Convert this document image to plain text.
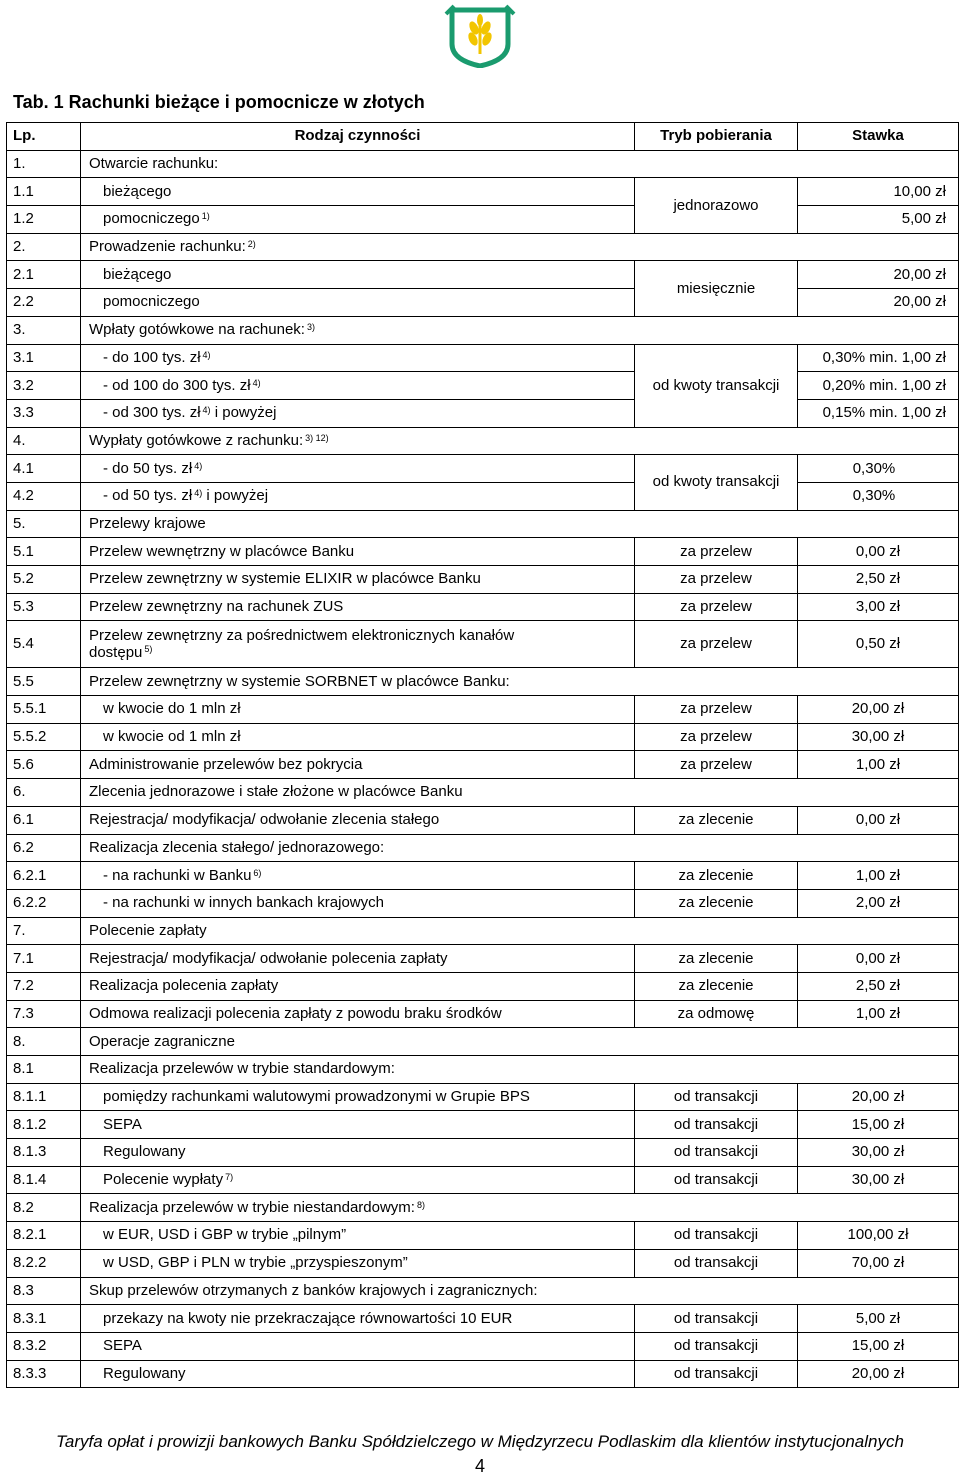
Tab. 1 Rachunki bieżące i pomocnicze w złotych
Lp.	Rodzaj czynności	Tryb pobierania	Stawka
1.	Otwarcie rachunku:		
1.1	bieżącego	jednorazowo	10,00 zł
1.2	pomocniczego $^{1)}$		5,00 zł
2.	Prowadzenie rachunku: $^{2)}$
2.1	bieżącego	miesięcznie	20,00 zł
2.2	pomocniczego		20,00 zł
3.	Wpłaty gotówkowe na rachunek: $^{3)}$
3.1	- do 100 tys. zł $^{4)}$	od kwoty transakcji	0,30% min. 1,00 zł
3.2	- od 100 do 300 tys. zł $^{4)}$		0,20% min. 1,00 zł
3.3	- od 300 tys. zł $^{4)}$ i powyżej		0,15% min. 1,00 zł
4.	Wypłaty gotówkowe z rachunku: $^{3) 12)}$
4.1	- do 50 tys. zł $^{4)}$	od kwoty transakcji	0,30%
4.2	- od 50 tys. zł $^{4)}$ i powyżej		0,30%
5.	Przelewy krajowe		
5.1	Przelew wewnętrzny w placówce Banku	za przelew	0,00 zł
5.2	Przelew zewnętrzny w systemie ELIXIR w placówce Banku	za przelew	2,50 zł
5.3	Przelew zewnętrzny na rachunek ZUS	za przelew	3,00 zł
5.4	Przelew zewnętrzny za pośrednictwem elektronicznych kanałów dostępu $^{5)}$	za przelew	0,50 zł
5.5	Przelew zewnętrzny w systemie SORBNET w placówce Banku:		
5.5.1	w kwocie do 1 mln zł	za przelew	20,00 zł
5.5.2	w kwocie od 1 mln zł	za przelew	30,00 zł
5.6	Administrowanie przelewów bez pokrycia	za przelew	1,00 zł
6.	Zlecenia jednorazowe i stałe złożone w placówce Banku		
6.1	Rejestracja/ modyfikacja/ odwołanie zlecenia stałego	za zlecenie	0,00 zł
6.2	Realizacja zlecenia stałego/ jednorazowego:		
6.2.1	- na rachunki w Banku $^{6)}$	za zlecenie	1,00 zł
6.2.2	- na rachunki w innych bankach krajowych	za zlecenie	2,00 zł
7.	Polecenie zapłaty		
7.1	Rejestracja/ modyfikacja/ odwołanie polecenia zapłaty	za zlecenie	0,00 zł
7.2	Realizacja polecenia zapłaty	za zlecenie	2,50 zł
7.3	Odmowa realizacji polecenia zapłaty z powodu braku środków	za odmowę	1,00 zł
8.	Operacje zagraniczne		
8.1	Realizacja przelewów w trybie standardowym:		
8.1.1	pomiędzy rachunkami walutowymi prowadzonymi w Grupie BPS	od transakcji	20,00 zł
8.1.2	SEPA	od transakcji	15,00 zł
8.1.3	Regulowany	od transakcji	30,00 zł
8.1.4	Polecenie wypłaty $^{7)}$	od transakcji	30,00 zł
8.2	Realizacja przelewów w trybie niestandardowym: $^{8)}$
8.2.1	w EUR, USD i GBP w trybie „pilnym”	od transakcji	100,00 zł
8.2.2	w USD, GBP i PLN w trybie „przyspieszonym”	od transakcji	70,00 zł
8.3	Skup przelewów otrzymanych z banków krajowych i zagranicznych:		
8.3.1	przekazy na kwoty nie przekraczające równowartości 10 EUR	od transakcji	5,00 zł
8.3.2	SEPA	od transakcji	15,00 zł
8.3.3	Regulowany	od transakcji	20,00 zł
Taryfa opłat i prowizji bankowych Banku Spółdzielczego w Międzyrzecu Podlaskim dla klientów instytucjonalnych
4
